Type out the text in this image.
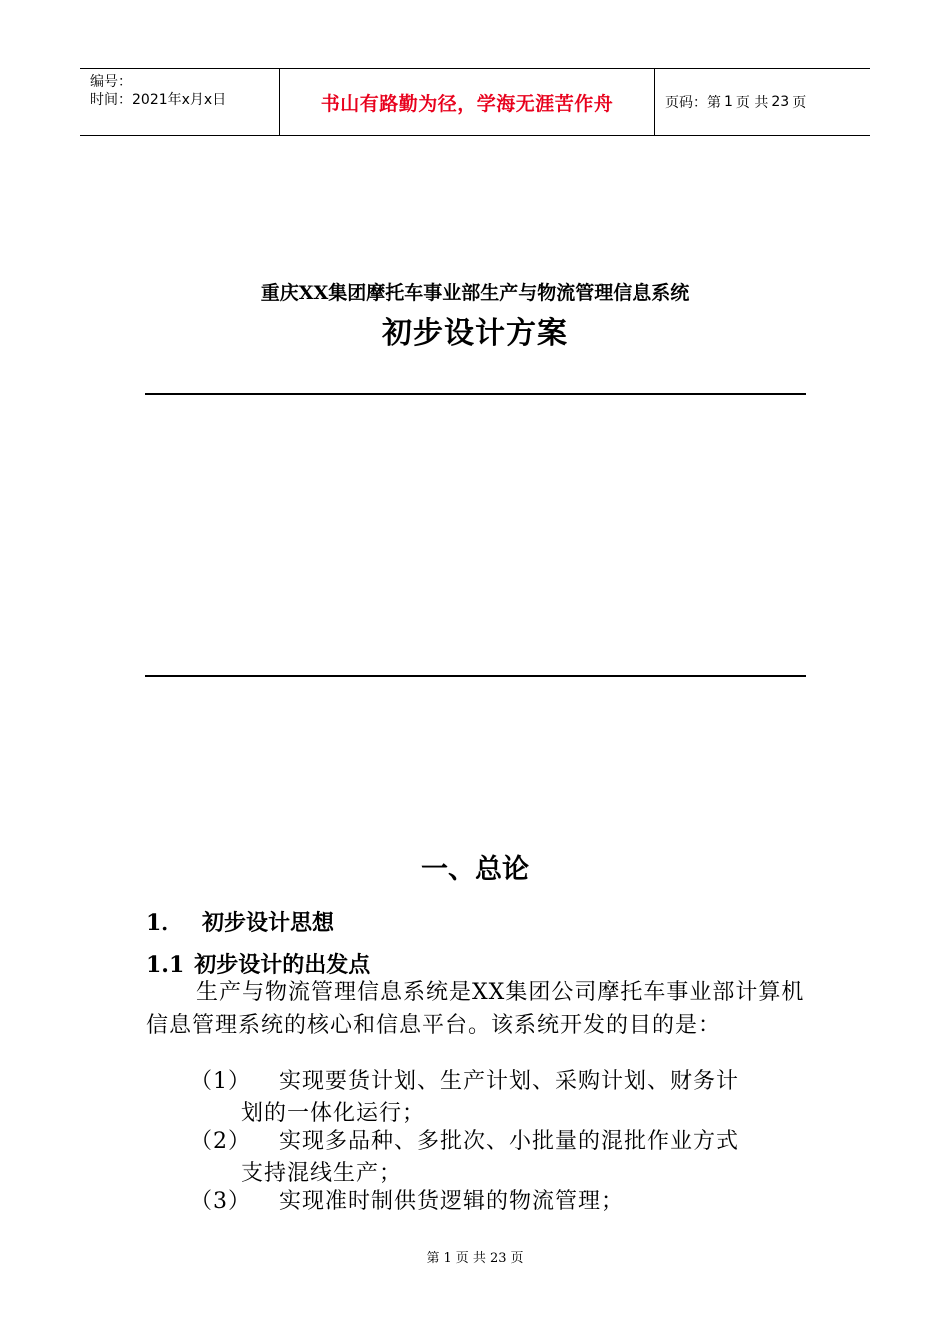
编号：
时间：2021年x月x日	书山有路勤为径，学海无涯苦作舟	页码：第 1 页 共 23 页
重庆XX集团摩托车事业部生产与物流管理信息系统
初步设计方案
一、总论
1． 初步设计思想
1.1 初步设计的出发点
生产与物流管理信息系统是XX集团公司摩托车事业部计算机信息管理系统的核心和信息平台。该系统开发的目的是：
（1） 实现要货计划、生产计划、采购计划、财务计
划的一体化运行；
（2） 实现多品种、多批次、小批量的混批作业方式
支持混线生产；
（3） 实现准时制供货逻辑的物流管理；
第 1 页 共 23 页
